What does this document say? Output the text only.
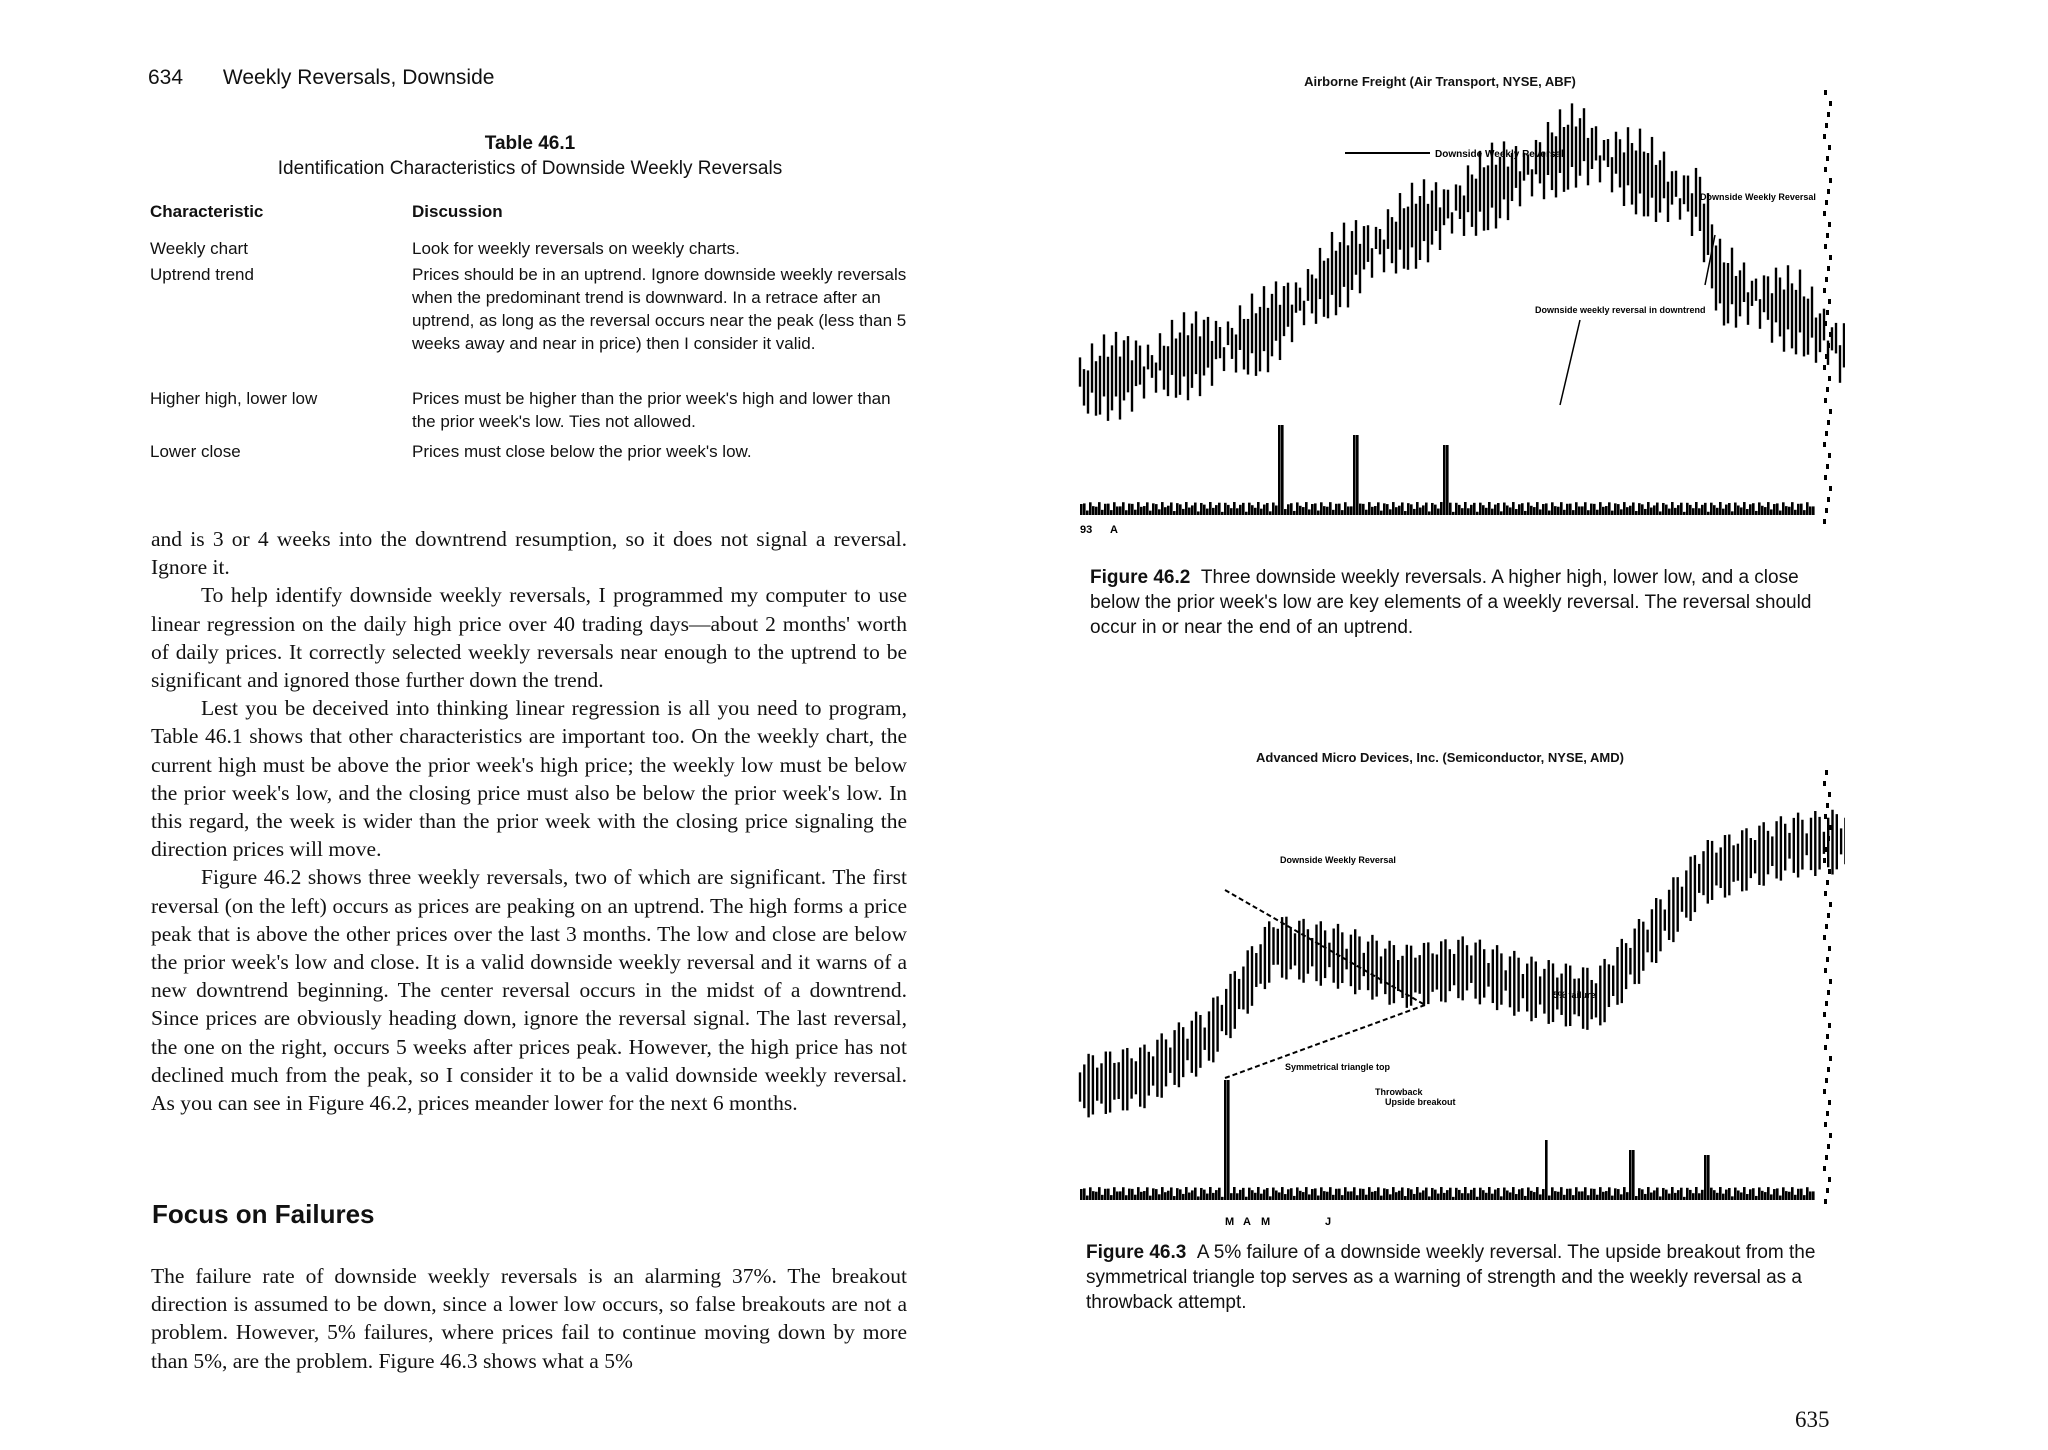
634 Weekly Reversals, Downside
Table 46.1
Identification Characteristics of Downside Weekly Reversals
Characteristic	Discussion
Weekly chart	Look for weekly reversals on weekly charts.
Uptrend trend	Prices should be in an uptrend. Ignore downside weekly reversals when the predominant trend is downward. In a retrace after an uptrend, as long as the reversal occurs near the peak (less than 5 weeks away and near in price) then I consider it valid.
Higher high, lower low	Prices must be higher than the prior week's high and lower than the prior week's low. Ties not allowed.
Lower close	Prices must close below the prior week's low.

and is 3 or 4 weeks into the downtrend resumption, so it does not signal a reversal. Ignore it.

To help identify downside weekly reversals, I programmed my computer to use linear regression on the daily high price over 40 trading days—about 2 months' worth of daily prices. It correctly selected weekly reversals near enough to the uptrend to be significant and ignored those further down the trend.

Lest you be deceived into thinking linear regression is all you need to program, Table 46.1 shows that other characteristics are important too. On the weekly chart, the current high must be above the prior week's high price; the weekly low must be below the prior week's low, and the closing price must also be below the prior week's low. In this regard, the week is wider than the prior week with the closing price signaling the direction prices will move.

Figure 46.2 shows three weekly reversals, two of which are significant. The first reversal (on the left) occurs as prices are peaking on an uptrend. The high forms a price peak that is above the other prices over the last 3 months. The low and close are below the prior week's low and close. It is a valid downside weekly reversal and it warns of a new downtrend beginning. The center reversal occurs in the midst of a downtrend. Since prices are obviously heading down, ignore the reversal signal. The last reversal, the one on the right, occurs 5 weeks after prices peak. However, the high price has not declined much from the peak, so I consider it to be a valid downside weekly reversal. As you can see in Figure 46.2, prices meander lower for the next 6 months.

Focus on Failures

The failure rate of downside weekly reversals is an alarming 37%. The breakout direction is assumed to be down, since a lower low occurs, so false breakouts are not a problem. However, 5% failures, where prices fail to continue moving down by more than 5%, are the problem. Figure 46.3 shows what a 5%

Airborne Freight (Air Transport, NYSE, ABF)
Downside Weekly Reversal
Downside Weekly Reversal
Downside weekly reversal in downtrend
93 A
Figure 46.2 Three downside weekly reversals. A higher high, lower low, and a close below the prior week's low are key elements of a weekly reversal. The reversal should occur in or near the end of an uptrend.
Advanced Micro Devices, Inc. (Semiconductor, NYSE, AMD)
Downside Weekly Reversal
Symmetrical triangle top
Upside breakout
Throwback
5% failure
M A M	J
Figure 46.3 A 5% failure of a downside weekly reversal. The upside breakout from the symmetrical triangle top serves as a warning of strength and the weekly reversal as a throwback attempt.
635
